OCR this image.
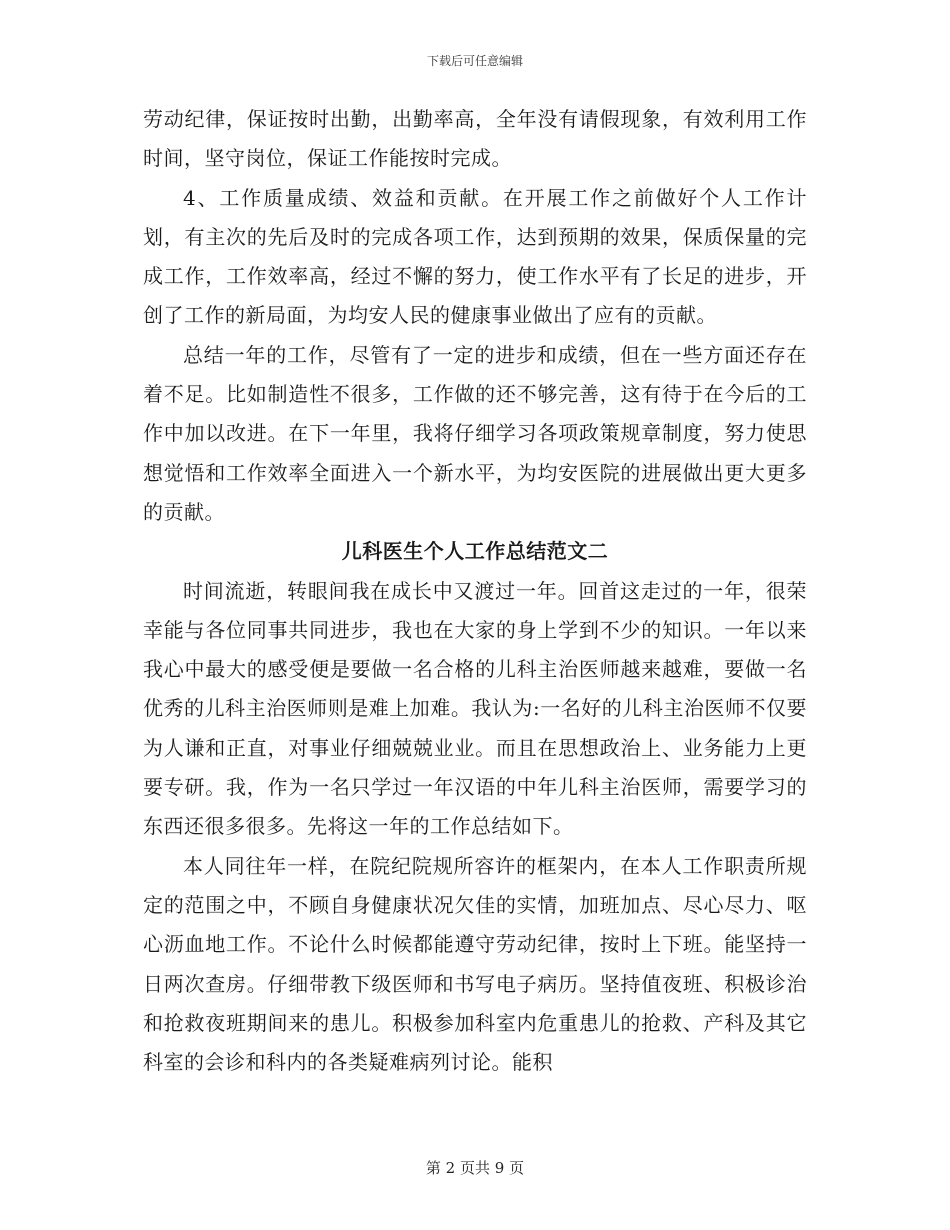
下载后可任意编辑

劳动纪律，保证按时出勤，出勤率高，全年没有请假现象，有效利用工作时间，坚守岗位，保证工作能按时完成。

4、工作质量成绩、效益和贡献。在开展工作之前做好个人工作计划，有主次的先后及时的完成各项工作，达到预期的效果，保质保量的完成工作，工作效率高，经过不懈的努力，使工作水平有了长足的进步，开创了工作的新局面，为均安人民的健康事业做出了应有的贡献。

总结一年的工作，尽管有了一定的进步和成绩，但在一些方面还存在着不足。比如制造性不很多，工作做的还不够完善，这有待于在今后的工作中加以改进。在下一年里，我将仔细学习各项政策规章制度，努力使思想觉悟和工作效率全面进入一个新水平，为均安医院的进展做出更大更多的贡献。

儿科医生个人工作总结范文二

时间流逝，转眼间我在成长中又渡过一年。回首这走过的一年，很荣幸能与各位同事共同进步，我也在大家的身上学到不少的知识。一年以来我心中最大的感受便是要做一名合格的儿科主治医师越来越难，要做一名优秀的儿科主治医师则是难上加难。我认为:一名好的儿科主治医师不仅要为人谦和正直，对事业仔细兢兢业业。而且在思想政治上、业务能力上更要专研。我，作为一名只学过一年汉语的中年儿科主治医师，需要学习的东西还很多很多。先将这一年的工作总结如下。

本人同往年一样，在院纪院规所容许的框架内，在本人工作职责所规定的范围之中，不顾自身健康状况欠佳的实情，加班加点、尽心尽力、呕心沥血地工作。不论什么时候都能遵守劳动纪律，按时上下班。能坚持一日两次查房。仔细带教下级医师和书写电子病历。坚持值夜班、积极诊治和抢救夜班期间来的患儿。积极参加科室内危重患儿的抢救、产科及其它科室的会诊和科内的各类疑难病列讨论。能积

第 2 页共 9 页
